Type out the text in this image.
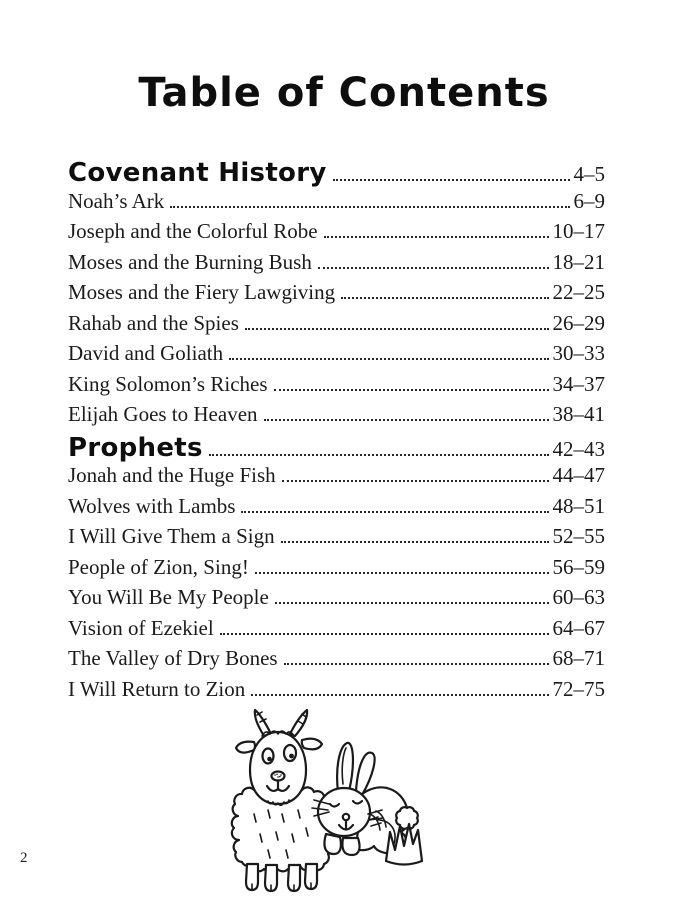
Table of Contents
Covenant History	4–5
Noah’s Ark	6–9
Joseph and the Colorful Robe	10–17
Moses and the Burning Bush	18–21
Moses and the Fiery Lawgiving	22–25
Rahab and the Spies	26–29
David and Goliath	30–33
King Solomon’s Riches	34–37
Elijah Goes to Heaven	38–41
Prophets	42–43
Jonah and the Huge Fish	44–47
Wolves with Lambs	48–51
I Will Give Them a Sign	52–55
People of Zion, Sing!	56–59
You Will Be My People	60–63
Vision of Ezekiel	64–67
The Valley of Dry Bones	68–71
I Will Return to Zion	72–75
2
